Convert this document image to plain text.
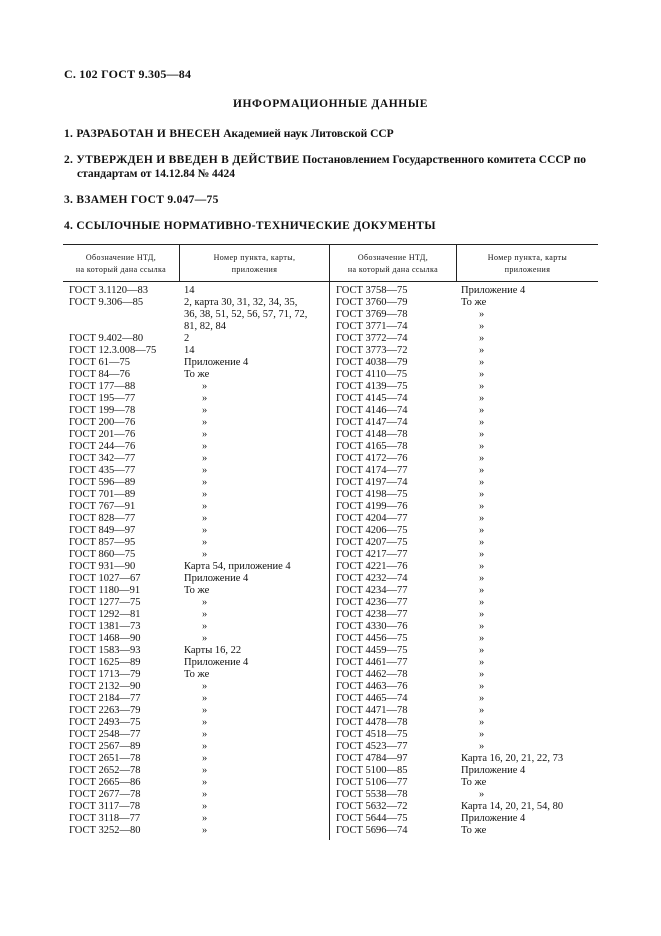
С. 102 ГОСТ 9.305—84
ИНФОРМАЦИОННЫЕ ДАННЫЕ
1. РАЗРАБОТАН И ВНЕСЕН Академией наук Литовской ССР
2. УТВЕРЖДЕН И ВВЕДЕН В ДЕЙСТВИЕ Постановлением Государственного комитета СССР по
стандартам от 14.12.84 № 4424
3. ВЗАМЕН ГОСТ 9.047—75
4. ССЫЛОЧНЫЕ НОРМАТИВНО-ТЕХНИЧЕСКИЕ ДОКУМЕНТЫ
Обозначение НТД,
на который дана ссылка
Номер пункта, карты,
приложения
Обозначение НТД,
на который дана ссылка
Номер пункта, карты
приложения
ГОСТ 3.1120—83
ГОСТ 9.306—85
ГОСТ 9.402—80
ГОСТ 12.3.008—75
ГОСТ 61—75
ГОСТ 84—76
ГОСТ 177—88
ГОСТ 195—77
ГОСТ 199—78
ГОСТ 200—76
ГОСТ 201—76
ГОСТ 244—76
ГОСТ 342—77
ГОСТ 435—77
ГОСТ 596—89
ГОСТ 701—89
ГОСТ 767—91
ГОСТ 828—77
ГОСТ 849—97
ГОСТ 857—95
ГОСТ 860—75
ГОСТ 931—90
ГОСТ 1027—67
ГОСТ 1180—91
ГОСТ 1277—75
ГОСТ 1292—81
ГОСТ 1381—73
ГОСТ 1468—90
ГОСТ 1583—93
ГОСТ 1625—89
ГОСТ 1713—79
ГОСТ 2132—90
ГОСТ 2184—77
ГОСТ 2263—79
ГОСТ 2493—75
ГОСТ 2548—77
ГОСТ 2567—89
ГОСТ 2651—78
ГОСТ 2652—78
ГОСТ 2665—86
ГОСТ 2677—78
ГОСТ 3117—78
ГОСТ 3118—77
ГОСТ 3252—80
14
2, карта 30, 31, 32, 34, 35,
36, 38, 51, 52, 56, 57, 71, 72,
81, 82, 84
2
14
Приложение 4
То же
»
»
»
»
»
»
»
»
»
»
»
»
»
»
»
Карта 54, приложение 4
Приложение 4
То же
»
»
»
»
Карты 16, 22
Приложение 4
То же
»
»
»
»
»
»
»
»
»
»
»
»
»
ГОСТ 3758—75
ГОСТ 3760—79
ГОСТ 3769—78
ГОСТ 3771—74
ГОСТ 3772—74
ГОСТ 3773—72
ГОСТ 4038—79
ГОСТ 4110—75
ГОСТ 4139—75
ГОСТ 4145—74
ГОСТ 4146—74
ГОСТ 4147—74
ГОСТ 4148—78
ГОСТ 4165—78
ГОСТ 4172—76
ГОСТ 4174—77
ГОСТ 4197—74
ГОСТ 4198—75
ГОСТ 4199—76
ГОСТ 4204—77
ГОСТ 4206—75
ГОСТ 4207—75
ГОСТ 4217—77
ГОСТ 4221—76
ГОСТ 4232—74
ГОСТ 4234—77
ГОСТ 4236—77
ГОСТ 4238—77
ГОСТ 4330—76
ГОСТ 4456—75
ГОСТ 4459—75
ГОСТ 4461—77
ГОСТ 4462—78
ГОСТ 4463—76
ГОСТ 4465—74
ГОСТ 4471—78
ГОСТ 4478—78
ГОСТ 4518—75
ГОСТ 4523—77
ГОСТ 4784—97
ГОСТ 5100—85
ГОСТ 5106—77
ГОСТ 5538—78
ГОСТ 5632—72
ГОСТ 5644—75
ГОСТ 5696—74
Приложение 4
То же
»
»
»
»
»
»
»
»
»
»
»
»
»
»
»
»
»
»
»
»
»
»
»
»
»
»
»
»
»
»
»
»
»
»
»
»
»
Карта 16, 20, 21, 22, 73
Приложение 4
То же
»
Карта 14, 20, 21, 54, 80
Приложение 4
То же
